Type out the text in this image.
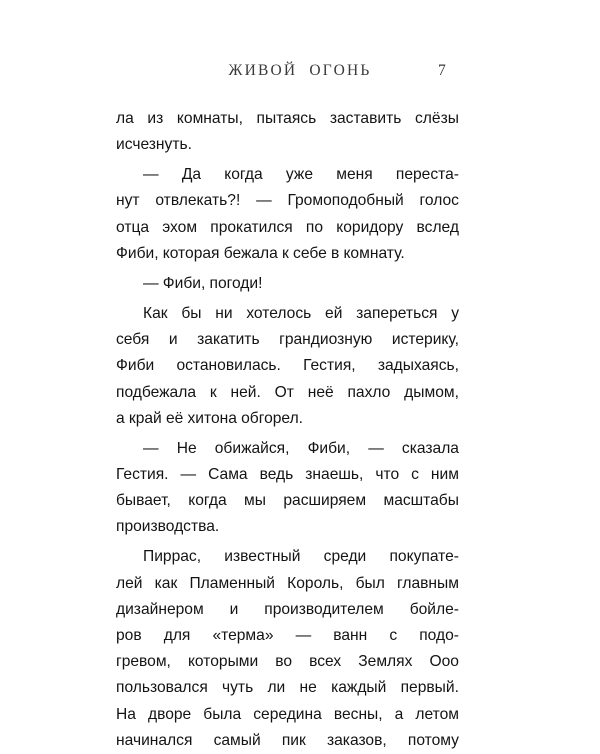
ЖИВОЙ ОГОНЬ	7
ла из комнаты, пытаясь заставить слёзы
исчезнуть.
— Да когда уже меня переста-
нут отвлекать?! — Громоподобный голос
отца эхом прокатился по коридору вслед
Фиби, которая бежала к себе в комнату.
— Фиби, погоди!
Как бы ни хотелось ей запереться у
себя и закатить грандиозную истерику,
Фиби остановилась. Гестия, задыхаясь,
подбежала к ней. От неё пахло дымом,
а край её хитона обгорел.
— Не обижайся, Фиби, — сказала
Гестия. — Сама ведь знаешь, что с ним
бывает, когда мы расширяем масштабы
производства.
Пиррас, известный среди покупате-
лей как Пламенный Король, был главным
дизайнером и производителем бойле-
ров для «терма» — ванн с подо-
гревом, которыми во всех Землях Ооо
пользовался чуть ли не каждый первый.
На дворе была середина весны, а летом
начинался самый пик заказов, потому
